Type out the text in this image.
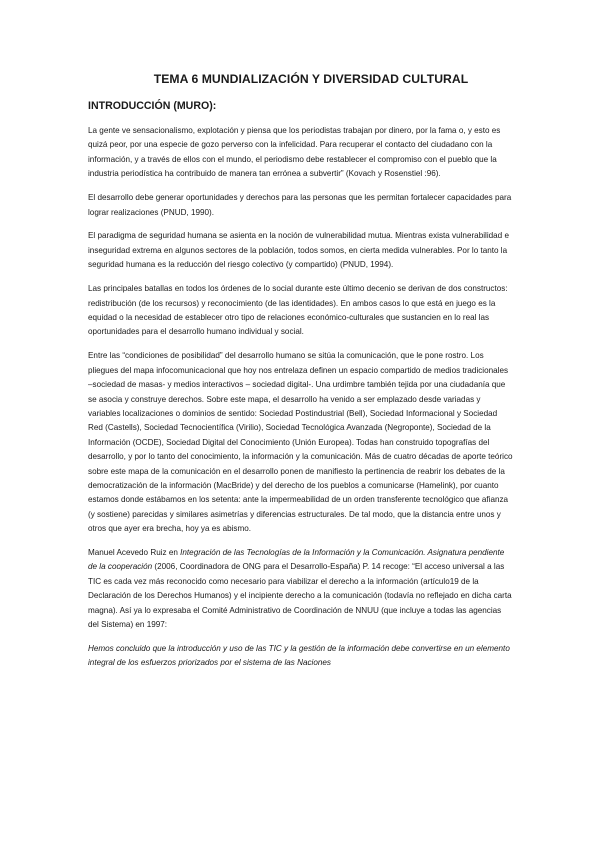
TEMA 6 MUNDIALIZACIÓN Y DIVERSIDAD CULTURAL
INTRODUCCIÓN (MURO):

La gente ve sensacionalismo, explotación y piensa que los periodistas trabajan por dinero, por la fama o, y esto es quizá peor, por una especie de gozo perverso con la infelicidad. Para recuperar el contacto del ciudadano con la información, y a través de ellos con el mundo, el periodismo debe restablecer el compromiso con el pueblo que la industria periodística ha contribuido de manera tan errónea a subvertir” (Kovach y Rosenstiel :96).

El desarrollo debe generar oportunidades y derechos para las personas que les permitan fortalecer capacidades para lograr realizaciones (PNUD, 1990).

El paradigma de seguridad humana se asienta en la noción de vulnerabilidad mutua. Mientras exista vulnerabilidad e inseguridad extrema en algunos sectores de la población, todos somos, en cierta medida vulnerables. Por lo tanto la seguridad humana es la reducción del riesgo colectivo (y compartido) (PNUD, 1994).

Las principales batallas en todos los órdenes de lo social durante este último decenio se derivan de dos constructos: redistribución (de los recursos) y reconocimiento (de las identidades). En ambos casos lo que está en juego es la equidad o la necesidad de establecer otro tipo de relaciones económico-culturales que sustancien en lo real las oportunidades para el desarrollo humano individual y social.

Entre las “condiciones de posibilidad” del desarrollo humano se sitúa la comunicación, que le pone rostro. Los pliegues del mapa infocomunicacional que hoy nos entrelaza definen un espacio compartido de medios tradicionales –sociedad de masas- y medios interactivos – sociedad digital-. Una urdimbre también tejida por una ciudadanía que se asocia y construye derechos. Sobre este mapa, el desarrollo ha venido a ser emplazado desde variadas y variables localizaciones o dominios de sentido: Sociedad Postindustrial (Bell), Sociedad Informacional y Sociedad Red (Castells), Sociedad Tecnocientífica (Virilio), Sociedad Tecnológica Avanzada (Negroponte), Sociedad de la Información (OCDE), Sociedad Digital del Conocimiento (Unión Europea). Todas han construido topografías del desarrollo, y por lo tanto del conocimiento, la información y la comunicación. Más de cuatro décadas de aporte teórico sobre este mapa de la comunicación en el desarrollo ponen de manifiesto la pertinencia de reabrir los debates de la democratización de la información (MacBride) y del derecho de los pueblos a comunicarse (Hamelink), por cuanto estamos donde estábamos en los setenta: ante la impermeabilidad de un orden transferente tecnológico que afianza (y sostiene) parecidas y similares asimetrías y diferencias estructurales. De tal modo, que la distancia entre unos y otros que ayer era brecha, hoy ya es abismo.

Manuel Acevedo Ruiz en Integración de las Tecnologías de la Información y la Comunicación. Asignatura pendiente de la cooperación (2006, Coordinadora de ONG para el Desarrollo-España) P. 14 recoge: “El acceso universal a las TIC es cada vez más reconocido como necesario para viabilizar el derecho a la información (artículo19 de la Declaración de los Derechos Humanos) y el incipiente derecho a la comunicación (todavía no reflejado en dicha carta magna). Así ya lo expresaba el Comité Administrativo de Coordinación de NNUU (que incluye a todas las agencias del Sistema) en 1997:

Hemos concluido que la introducción y uso de las TIC y la gestión de la información debe convertirse en un elemento integral de los esfuerzos priorizados por el sistema de las Naciones
